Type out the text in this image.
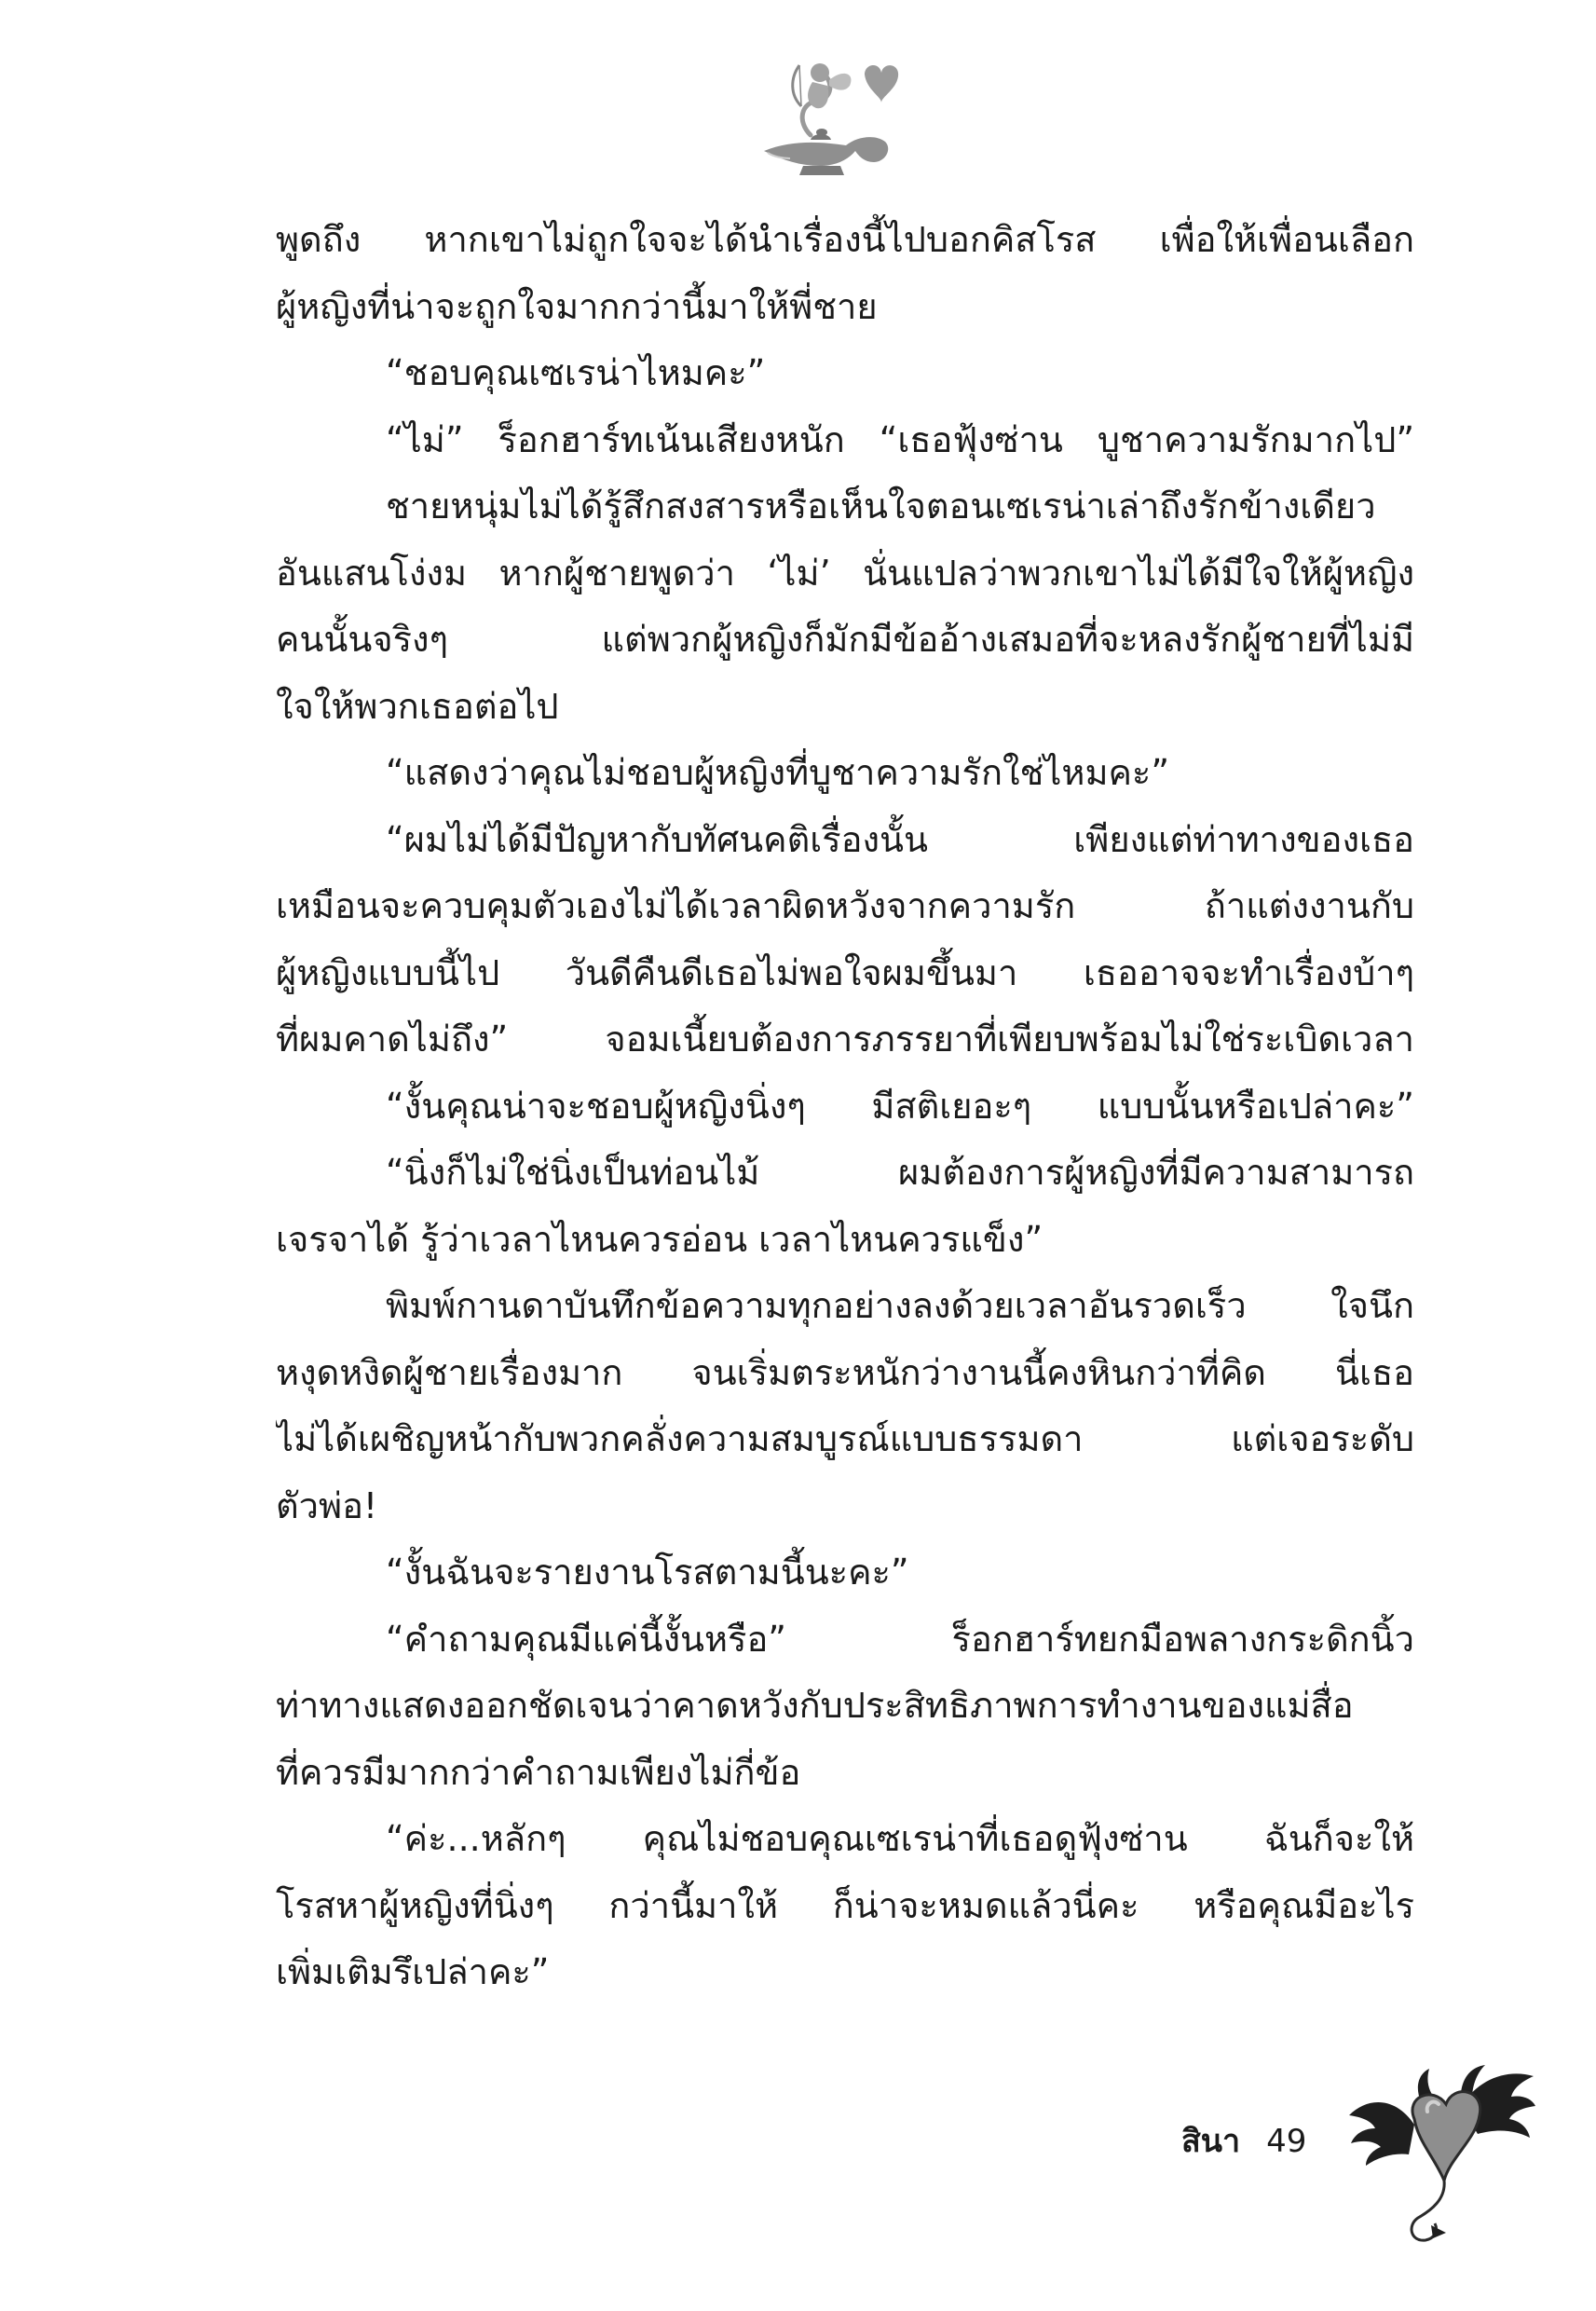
พูดถึง หากเขาไม่ถูกใจจะได้นำเรื่องนี้ไปบอกคิสโรส เพื่อให้เพื่อนเลือก
ผู้หญิงที่น่าจะถูกใจมากกว่านี้มาให้พี่ชาย
“ชอบคุณเซเรน่าไหมคะ”
“ไม่” ร็อกฮาร์ทเน้นเสียงหนัก “เธอฟุ้งซ่าน บูชาความรักมากไป”
ชายหนุ่มไม่ได้รู้สึกสงสารหรือเห็นใจตอนเซเรน่าเล่าถึงรักข้างเดียว
อันแสนโง่งม หากผู้ชายพูดว่า ‘ไม่’ นั่นแปลว่าพวกเขาไม่ได้มีใจให้ผู้หญิง
คนนั้นจริงๆ แต่พวกผู้หญิงก็มักมีข้ออ้างเสมอที่จะหลงรักผู้ชายที่ไม่มี
ใจให้พวกเธอต่อไป
“แสดงว่าคุณไม่ชอบผู้หญิงที่บูชาความรักใช่ไหมคะ”
“ผมไม่ได้มีปัญหากับทัศนคติเรื่องนั้น เพียงแต่ท่าทางของเธอ
เหมือนจะควบคุมตัวเองไม่ได้เวลาผิดหวังจากความรัก ถ้าแต่งงานกับ
ผู้หญิงแบบนี้ไป วันดีคืนดีเธอไม่พอใจผมขึ้นมา เธออาจจะทำเรื่องบ้าๆ
ที่ผมคาดไม่ถึง” จอมเนี้ยบต้องการภรรยาที่เพียบพร้อมไม่ใช่ระเบิดเวลา
“งั้นคุณน่าจะชอบผู้หญิงนิ่งๆ มีสติเยอะๆ แบบนั้นหรือเปล่าคะ”
“นิ่งก็ไม่ใช่นิ่งเป็นท่อนไม้ ผมต้องการผู้หญิงที่มีความสามารถ
เจรจาได้ รู้ว่าเวลาไหนควรอ่อน เวลาไหนควรแข็ง”
พิมพ์กานดาบันทึกข้อความทุกอย่างลงด้วยเวลาอันรวดเร็ว ใจนึก
หงุดหงิดผู้ชายเรื่องมาก จนเริ่มตระหนักว่างานนี้คงหินกว่าที่คิด นี่เธอ
ไม่ได้เผชิญหน้ากับพวกคลั่งความสมบูรณ์แบบธรรมดา แต่เจอระดับ
ตัวพ่อ!
“งั้นฉันจะรายงานโรสตามนี้นะคะ”
“คำถามคุณมีแค่นี้งั้นหรือ” ร็อกฮาร์ทยกมือพลางกระดิกนิ้ว
ท่าทางแสดงออกชัดเจนว่าคาดหวังกับประสิทธิภาพการทำงานของแม่สื่อ
ที่ควรมีมากกว่าคำถามเพียงไม่กี่ข้อ
“ค่ะ...หลักๆ คุณไม่ชอบคุณเซเรน่าที่เธอดูฟุ้งซ่าน ฉันก็จะให้
โรสหาผู้หญิงที่นิ่งๆ กว่านี้มาให้ ก็น่าจะหมดแล้วนี่คะ หรือคุณมีอะไร
เพิ่มเติมรึเปล่าคะ”
สินา 49
